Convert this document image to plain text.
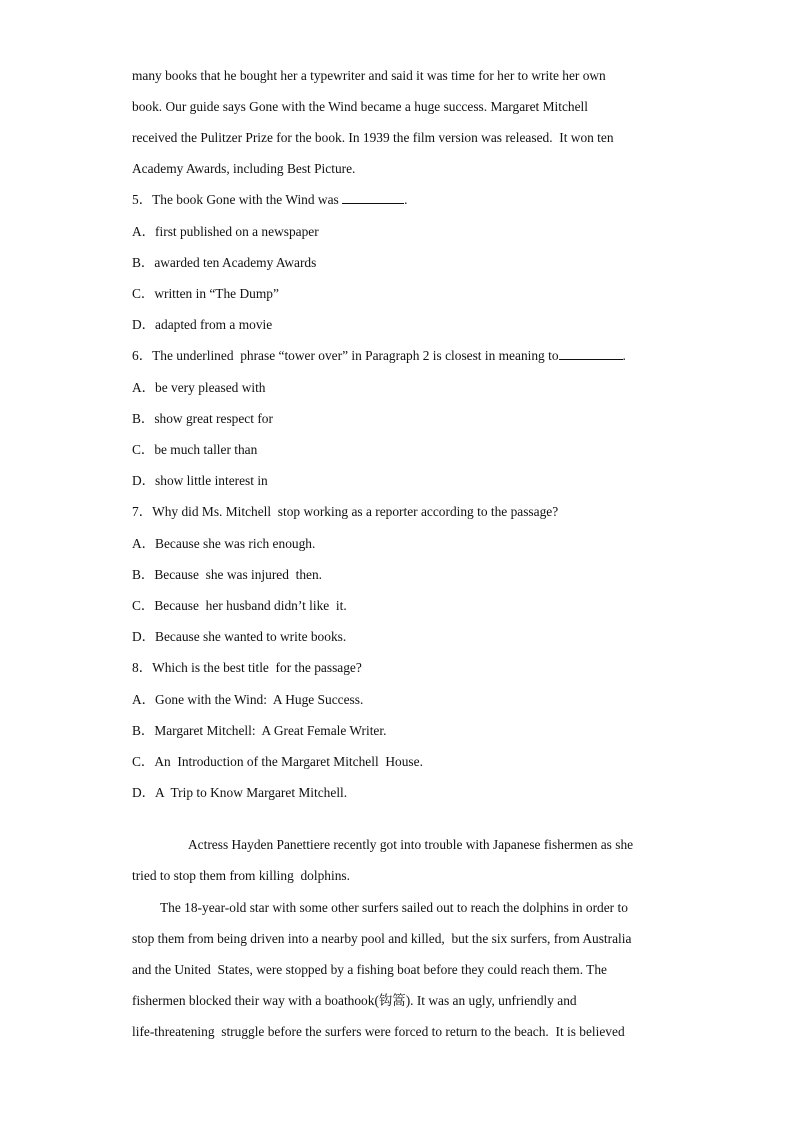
many books that he bought her a typewriter and said it was time for her to write her own
book. Our guide says Gone with the Wind became a huge success. Margaret Mitchell
received the Pulitzer Prize for the book. In 1939 the film version was released.  It won ten
Academy Awards, including Best Picture.
5．The book Gone with the Wind was	.
A．first published on a newspaper
B．awarded ten Academy Awards
C．written in “The Dump”
D．adapted from a movie
6．The underlined  phrase “tower over” in Paragraph 2 is closest in meaning to	.
A．be very pleased with
B．show great respect for
C．be much taller than
D．show little interest in
7．Why did Ms. Mitchell  stop working as a reporter according to the passage?
A．Because she was rich enough.
B．Because  she was injured  then.
C．Because  her husband didn’t like  it.
D．Because she wanted to write books.
8．Which is the best title  for the passage?
A．Gone with the Wind:  A Huge Success.
B．Margaret Mitchell:  A Great Female Writer.
C．An  Introduction of the Margaret Mitchell  House.
D．A  Trip to Know Margaret Mitchell.
Actress Hayden Panettiere recently got into trouble with Japanese fishermen as she
tried to stop them from killing  dolphins.
The 18-year-old star with some other surfers sailed out to reach the dolphins in order to
stop them from being driven into a nearby pool and killed,  but the six surfers, from Australia
and the United  States, were stopped by a fishing boat before they could reach them. The
fishermen blocked their way with a boathook(钩篙). It was an ugly, unfriendly and
life-threatening  struggle before the surfers were forced to return to the beach.  It is believed
